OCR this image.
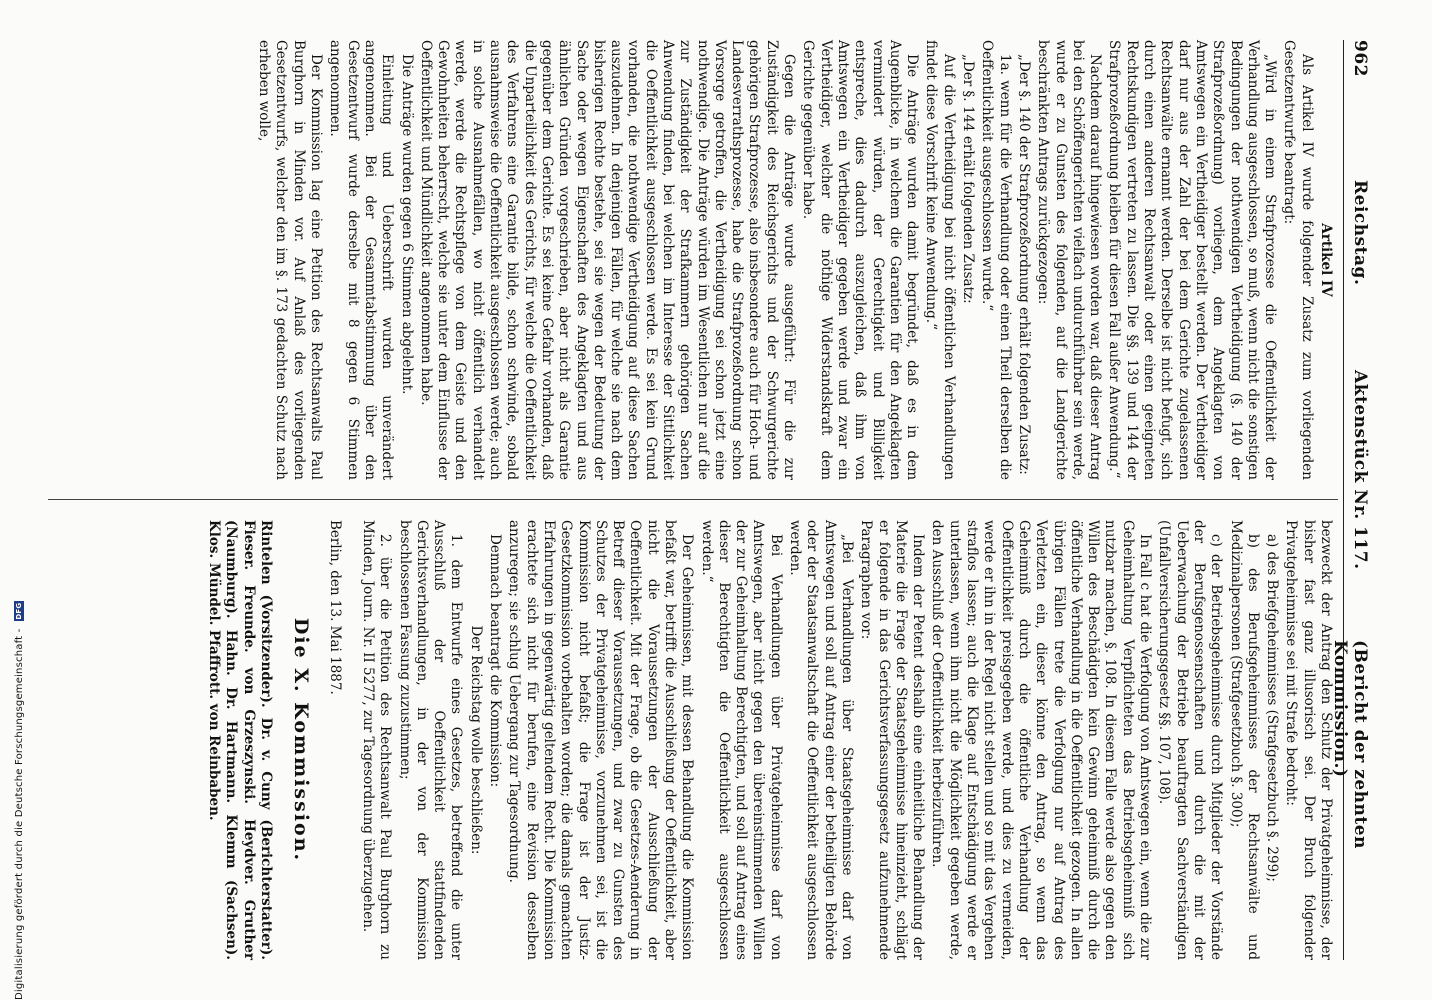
962
Reichstag.
Aktenstück Nr. 117.
(Bericht der zehnten Kommission.)

Artikel IV

Als Artikel IV wurde folgender Zusatz zum vorliegenden Gesetzentwurfe beantragt:

„Wird in einem Strafprozesse die Oeffentlichkeit der Verhandlung ausgeschlossen, so muß, wenn nicht die sonstigen Bedingungen der nothwendigen Vertheidigung (§. 140 der Strafprozeßordnung) vorliegen, dem Angeklagten von Amtswegen ein Vertheidiger bestellt werden. Der Vertheidiger darf nur aus der Zahl der bei dem Gerichte zugelassenen Rechtsanwälte ernannt werden. Derselbe ist nicht befugt, sich durch einen anderen Rechtsanwalt oder einen geeigneten Rechtskundigen vertreten zu lassen. Die §§. 139 und 144 der Strafprozeßordnung bleiben für diesen Fall außer Anwendung.“

Nachdem darauf hingewiesen worden war, daß dieser Antrag bei den Schöffengerichten vielfach undurchführbar sein werde, wurde er zu Gunsten des folgenden, auf die Landgerichte beschränkten Antrags zurückgezogen:

„Der §. 140 der Strafprozeßordnung erhält folgenden Zusatz:

1a. wenn für die Verhandlung oder einen Theil derselben die Oeffentlichkeit ausgeschlossen wurde.“

„Der §. 144 erhält folgenden Zusatz:

Auf die Vertheidigung bei nicht öffentlichen Verhandlungen findet diese Vorschrift keine Anwendung.“

Die Anträge wurden damit begründet, daß es in dem Augenblicke, in welchem die Garantien für den Angeklagten vermindert würden, der Gerechtigkeit und Billigkeit entspreche, dies dadurch auszugleichen, daß ihm von Amtswegen ein Vertheidiger gegeben werde und zwar ein Vertheidiger, welcher die nöthige Widerstandskraft dem Gerichte gegenüber habe.

Gegen die Anträge wurde ausgeführt: Für die zur Zuständigkeit des Reichsgerichts und der Schwurgerichte gehörigen Strafprozesse, also insbesondere auch für Hoch- und Landesverrathsprozesse, habe die Strafprozeßordnung schon Vorsorge getroffen, die Vertheidigung sei schon jetzt eine nothwendige. Die Anträge würden im Wesentlichen nur auf die zur Zuständigkeit der Strafkammern gehörigen Sachen Anwendung finden, bei welchen im Interesse der Sittlichkeit die Oeffentlichkeit ausgeschlossen werde. Es sei kein Grund vorhanden, die nothwendige Vertheidigung auf diese Sachen auszudehnen. In denjenigen Fällen, für welche sie nach dem bisherigen Rechte bestehe, sei sie wegen der Bedeutung der Sache oder wegen Eigenschaften des Angeklagten und aus ähnlichen Gründen vorgeschrieben, aber nicht als Garantie gegenüber dem Gerichte. Es sei keine Gefahr vorhanden, daß die Unparteilichkeit des Gerichts, für welche die Oeffentlichkeit des Verfahrens eine Garantie bilde, schon schwinde, sobald ausnahmsweise die Oeffentlichkeit ausgeschlossen werde; auch in solche Ausnahmefällen, wo nicht öffentlich verhandelt werde, werde die Rechtspflege von dem Geiste und den Gewohnheiten beherrscht, welche sie unter dem Einflusse der Oeffentlichkeit und Mündlichkeit angenommen habe.

Die Anträge wurden gegen 6 Stimmen abgelehnt.

Einleitung und Ueberschrift wurden unverändert angenommen. Bei der Gesammtabstimmung über den Gesetzentwurf wurde derselbe mit 8 gegen 6 Stimmen angenommen.

Der Kommission lag eine Petition des Rechtsanwalts Paul Burghorn in Minden vor. Auf Anlaß des vorliegenden Gesetzentwurfs, welcher den im §. 173 gedachten Schutz nach erheben wolle,

bezweckt der Antrag den Schutz der Privatgeheimnisse, der bisher fast ganz illusorisch sei. Der Bruch folgender Privatgeheimnisse sei mit Strafe bedroht:

a) des Briefgeheimnisses (Strafgesetzbuch §. 299);

b) des Berufsgeheimnisses der Rechtsanwälte und Medizinalpersonen (Strafgesetzbuch §. 300);

c) der Betriebsgeheimnisse durch Mitglieder der Vorstände der Berufsgenossenschaften und durch die mit der Ueberwachung der Betriebe beauftragten Sachverständigen (Unfallversicherungsgesetz §§. 107, 108).

In Fall c hat die Verfolgung von Amtswegen ein, wenn die zur Geheimhaltung Verpflichteten das Betriebsgeheimniß sich nutzbar machen, §. 108. In diesem Falle werde also gegen den Willen des Beschädigten kein Gewinn geheimniß durch die öffentliche Verhandlung in die Oeffentlichkeit gezogen. In allen übrigen Fällen trete die Verfolgung nur auf Antrag des Verletzten ein, dieser könne den Antrag, so wenn das Geheimniß durch die öffentliche Verhandlung der Oeffentlichkeit preisgegeben werde, und dies zu vermeiden, werde er ihn in der Regel nicht stellen und so mit das Vergehen straflos lassen; auch die Klage auf Entschädigung werde er unterlassen, wenn ihm nicht die Möglichkeit gegeben werde, den Ausschluß der Oeffentlichkeit herbeizuführen.

Indem der Petent deshalb eine einheitliche Behandlung der Materie die Frage der Staatsgeheimnisse hineinzieht, schlägt er folgende in das Gerichtsverfassungsgesetz aufzunehmende Paragraphen vor:

„Bei Verhandlungen über Staatsgeheimnisse darf von Amtswegen und soll auf Antrag einer der betheiligten Behörde oder der Staatsanwaltschaft die Oeffentlichkeit ausgeschlossen werden.

Bei Verhandlungen über Privatgeheimnisse darf von Amtswegen, aber nicht gegen den übereinstimmenden Willen der zur Geheimhaltung Berechtigten, und soll auf Antrag eines dieser Berechtigten die Oeffentlichkeit ausgeschlossen werden.“

Der Geheimnissen, mit dessen Behandlung die Kommission befaßt war, betrifft die Ausschließung der Oeffentlichkeit, aber nicht die Voraussetzungen der Ausschließung der Oeffentlichkeit. Mit der Frage, ob die Gesetzes-Aenderung in Betreff dieser Voraussetzungen, und zwar zu Gunsten des Schutzes der Privatgeheimnisse, vorzunehmen sei, ist die Kommission nicht befaßt; die Frage ist der Justiz-Gesetzkommission vorbehalten worden; die damals gemachten Erfahrungen in gegenwärtig geltendem Recht. Die Kommission erachtete sich nicht für berufen, eine Revision desselben anzuregen; sie schlug Uebergang zur Tagesordnung.

Demnach beantragt die Kommission:

Der Reichstag wolle beschließen:

1. dem Entwurfe eines Gesetzes, betreffend die unter Ausschluß der Oeffentlichkeit stattfindenden Gerichtsverhandlungen, in der von der Kommission beschlossenen Fassung zuzustimmen;

2. über die Petition des Rechtsanwalt Paul Burghorn zu Minden, Journ. Nr. II 5277, zur Tagesordnung überzugehen.

Berlin, den 13. Mai 1887.

Die X. Kommission.

Rintelen (Vorsitzender). Dr. v. Cuny (Berichterstatter). Fieser. Freunde. von Grzeszynski. Heydver. Gruther (Naumburg). Hahn. Dr. Hartmann. Klemm (Sachsen). Klos. Mündel. Pfaffrott. von Reinbaben.

Digitalisierung gefördert durch die Deutsche Forschungsgemeinschaft - DFG
